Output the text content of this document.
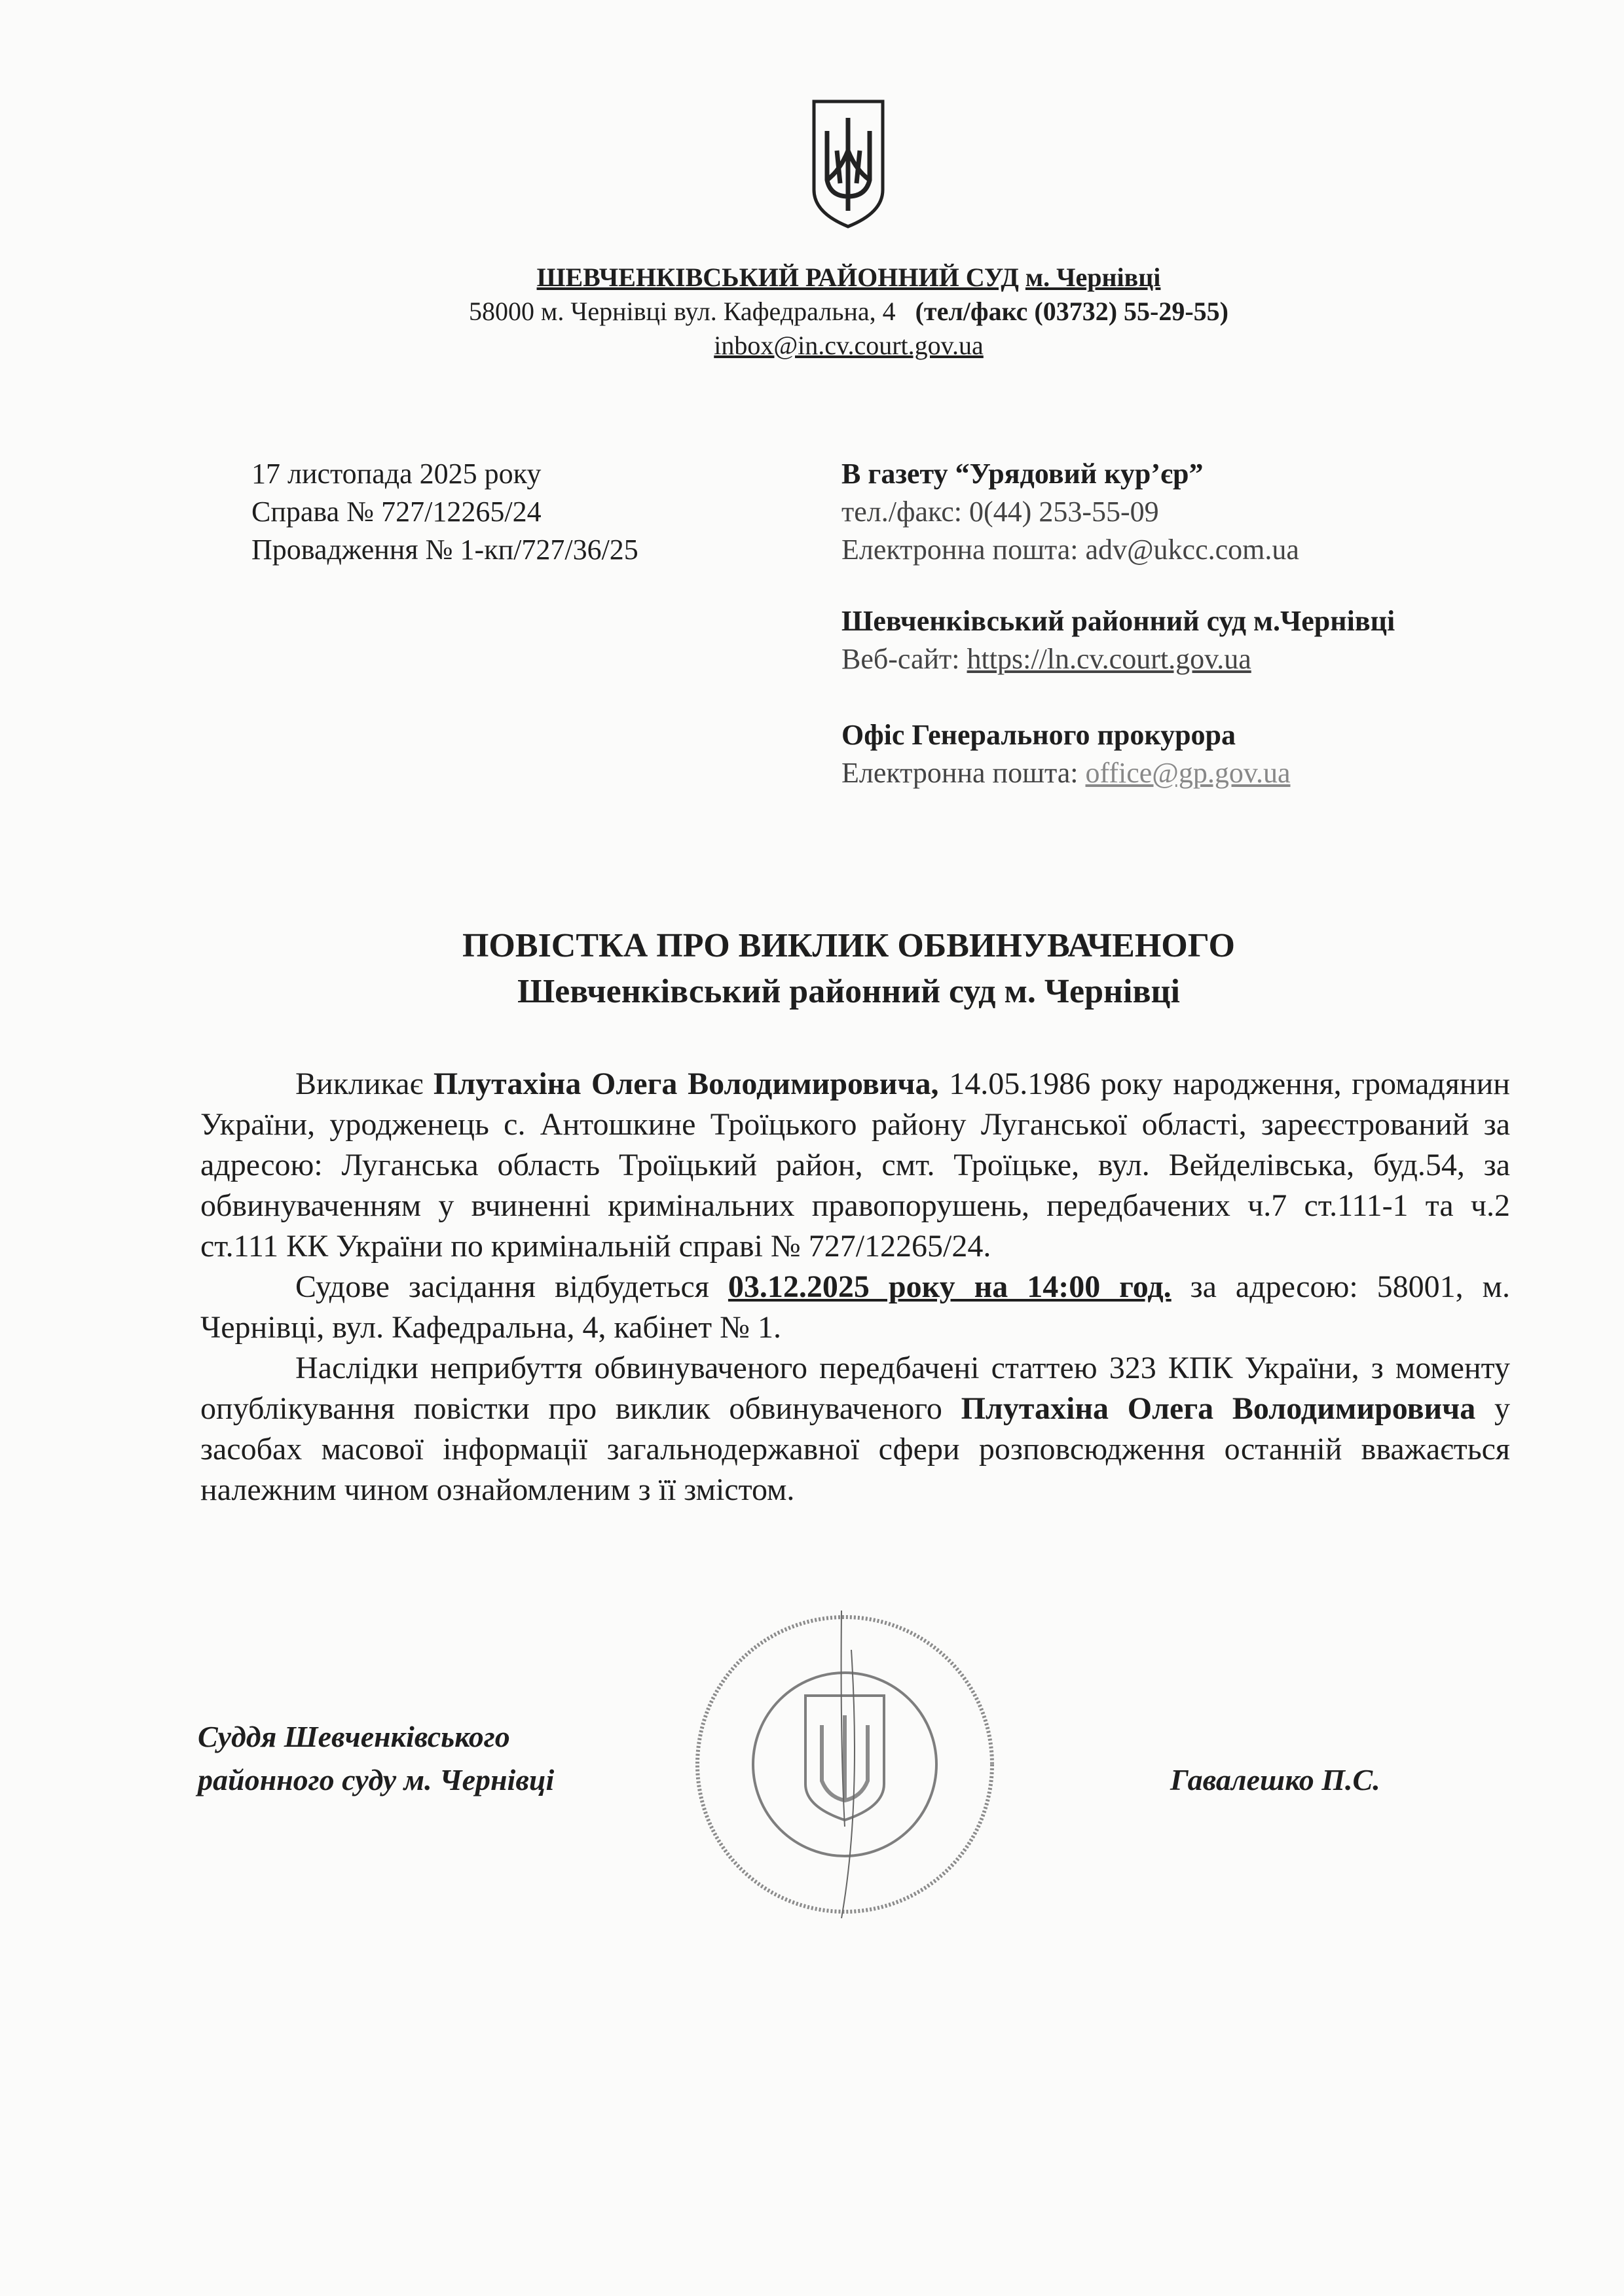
ШЕВЧЕНКІВСЬКИЙ РАЙОННИЙ СУД м. Чернівці
58000 м. Чернівці вул. Кафедральна, 4 (тел/факс (03732) 55-29-55)
inbox@in.cv.court.gov.ua
17 листопада 2025 року
Справа № 727/12265/24
Провадження № 1-кп/727/36/25
В газету “Урядовий кур’єр”
тел./факс: 0(44) 253-55-09
Електронна пошта: adv@ukcc.com.ua
Шевченківський районний суд м.Чернівці
Веб-сайт: https://ln.cv.court.gov.ua
Офіс Генерального прокурора
Електронна пошта: office@gp.gov.ua
ПОВІСТКА ПРО ВИКЛИК ОБВИНУВАЧЕНОГО
Шевченківський районний суд м. Чернівці

Викликає Плутахіна Олега Володимировича, 14.05.1986 року народження, громадянин України, уродженець с. Антошкине Троїцького району Луганської області, зареєстрований за адресою: Луганська область Троїцький район, смт. Троїцьке, вул. Вейделівська, буд.54, за обвинуваченням у вчиненні кримінальних правопорушень, передбачених ч.7 ст.111-1 та ч.2 ст.111 КК України по кримінальній справі № 727/12265/24.

Судове засідання відбудеться 03.12.2025 року на 14:00 год. за адресою: 58001, м. Чернівці, вул. Кафедральна, 4, кабінет № 1.

Наслідки неприбуття обвинуваченого передбачені статтею 323 КПК України, з моменту опублікування повістки про виклик обвинуваченого Плутахіна Олега Володимировича у засобах масової інформації загальнодержавної сфери розповсюдження останній вважається належним чином ознайомленим з її змістом.

Суддя Шевченківського
районного суду м. Чернівці	Гавалешко П.С.
